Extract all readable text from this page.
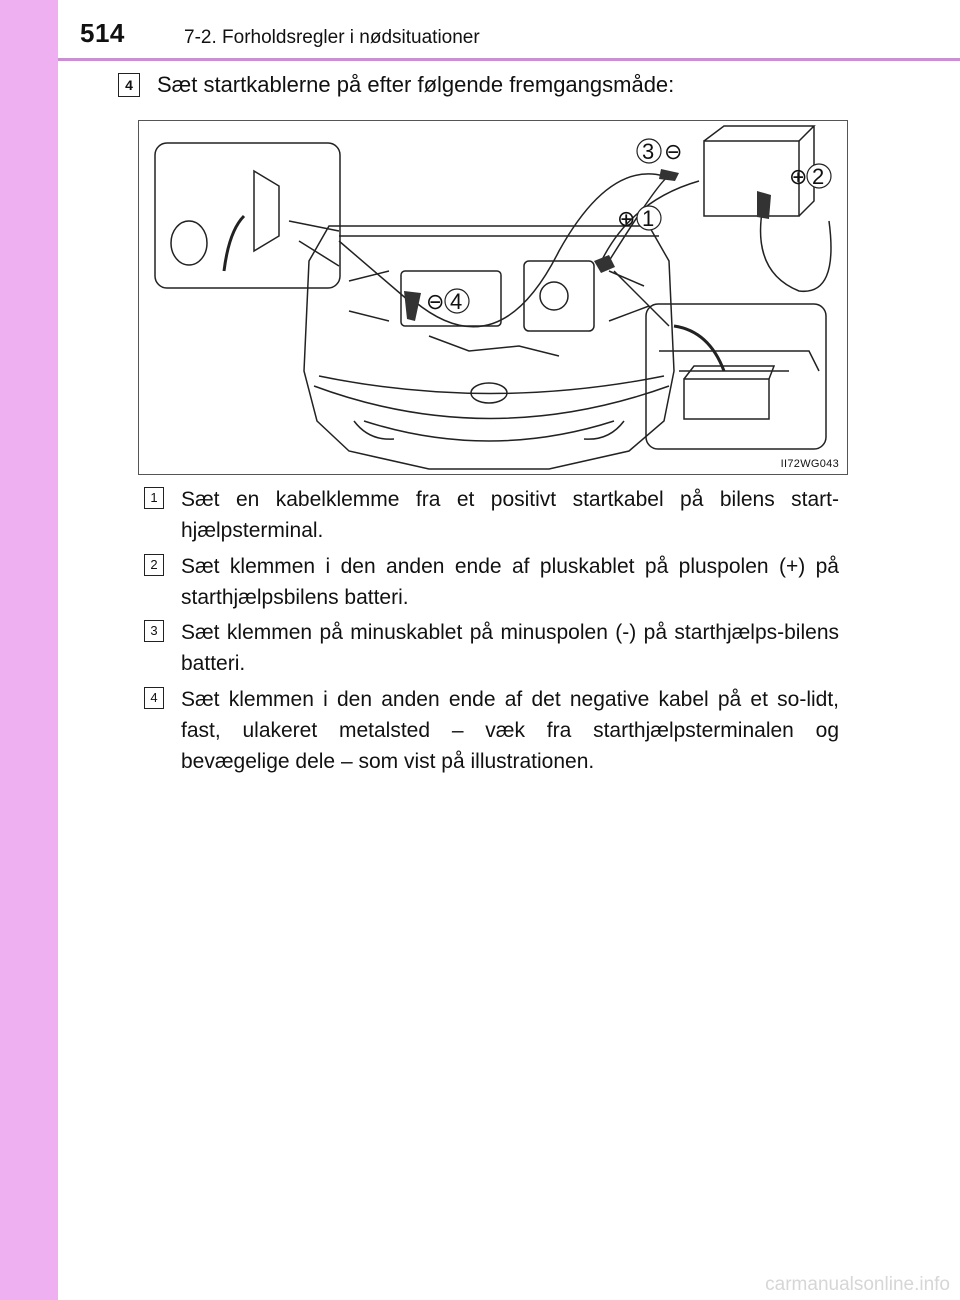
514	7-2. Forholdsregler i nødsituationer
4	Sæt startkablerne på efter følgende fremgangsmåde:
3 ⊖
2
⊕
1
⊕
4
⊖
II72WG043
1	Sæt en kabelklemme fra et positivt startkabel på bilens start-hjælpsterminal.
2	Sæt klemmen i den anden ende af pluskablet på pluspolen (+) på starthjælpsbilens batteri.
3	Sæt klemmen på minuskablet på minuspolen (-) på starthjælps-bilens batteri.
4	Sæt klemmen i den anden ende af det negative kabel på et so-lidt, fast, ulakeret metalsted – væk fra starthjælpsterminalen og bevægelige dele – som vist på illustrationen.
carmanualsonline.info
